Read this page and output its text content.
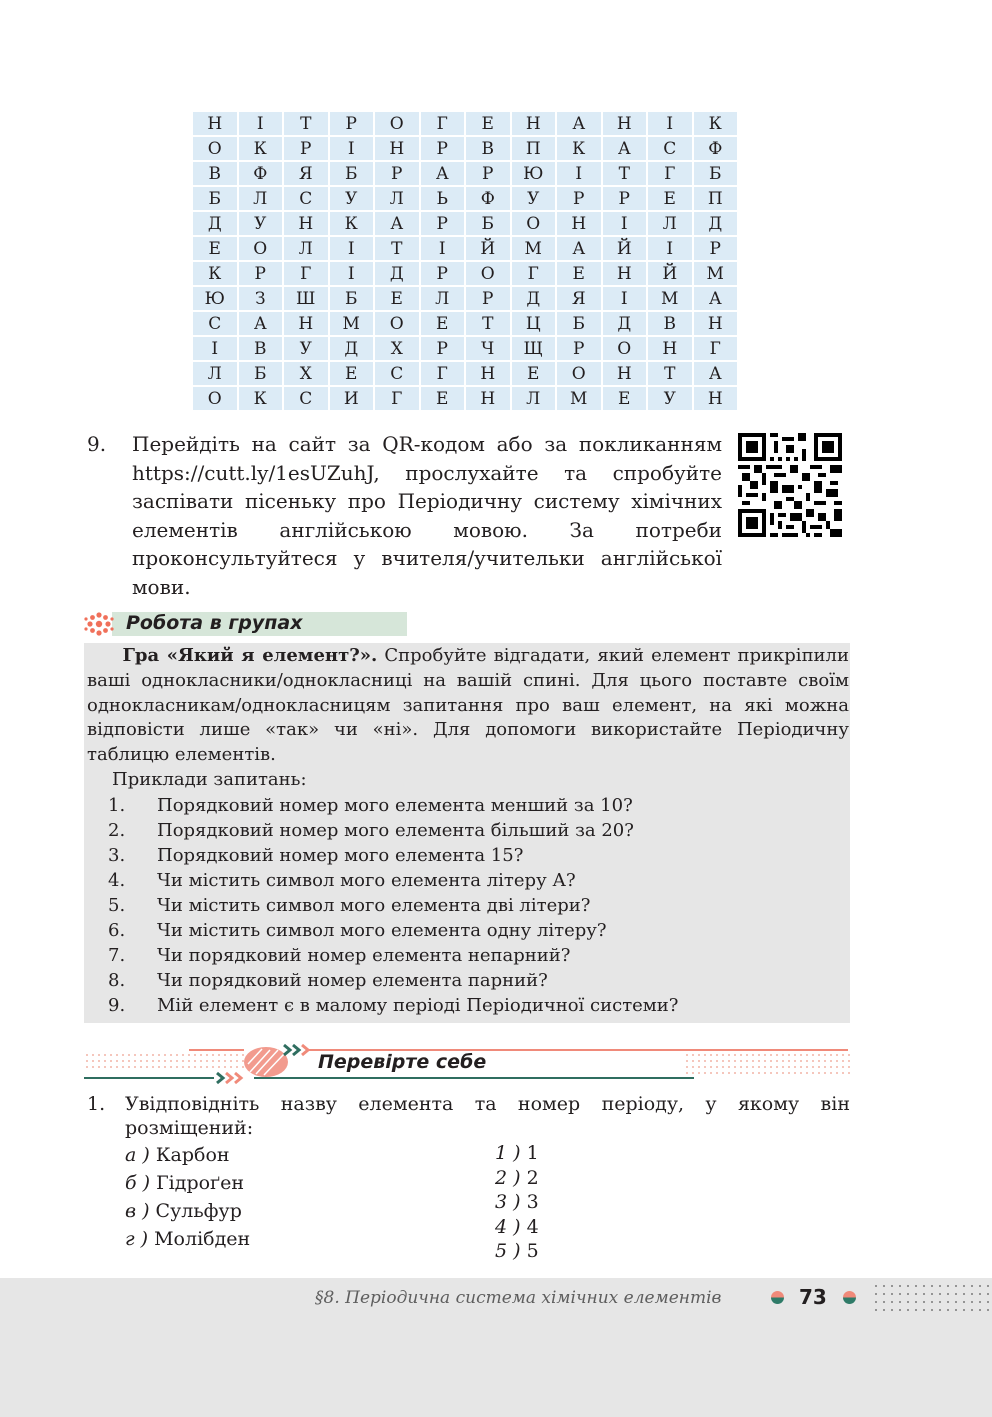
Н	І	Т	Р	О	Г	Е	Н	А	Н	І	К
О	К	Р	І	Н	Р	В	П	К	А	С	Ф
В	Ф	Я	Б	Р	А	Р	Ю	І	Т	Г	Б
Б	Л	С	У	Л	Ь	Ф	У	Р	Р	Е	П
Д	У	Н	К	А	Р	Б	О	Н	І	Л	Д
Е	О	Л	І	Т	І	Й	М	А	Й	І	Р
К	Р	Г	І	Д	Р	О	Г	Е	Н	Й	М
Ю	З	Ш	Б	Е	Л	Р	Д	Я	І	М	А
С	А	Н	М	О	Е	Т	Ц	Б	Д	В	Н
І	В	У	Д	Х	Р	Ч	Щ	Р	О	Н	Г
Л	Б	Х	Е	С	Г	Н	Е	О	Н	Т	А
О	К	С	И	Г	Е	Н	Л	М	Е	У	Н
9. Перейдіть на сайт за QR-кодом або за покликанням https://cutt.ly/1esUZuhJ, прослухайте та спробуйте заспівати пісеньку про Періодичну систему хімічних елементів англійською мовою. За потреби проконсультуйтеся у вчителя/учительки англійської мови.
Робота в групах
Гра «Який я елемент?». Спробуйте відгадати, який елемент прикріпили ваші однокласники/однокласниці на вашій спині. Для цього поставте своїм однокласникам/однокласницям запитання про ваш елемент, на які можна відповісти лише «так» чи «ні». Для допомоги використайте Періодичну таблицю елементів.
Приклади запитань:
1. Порядковий номер мого елемента менший за 10?
2. Порядковий номер мого елемента більший за 20?
3. Порядковий номер мого елемента 15?
4. Чи містить символ мого елемента літеру А?
5. Чи містить символ мого елемента дві літери?
6. Чи містить символ мого елемента одну літеру?
7. Чи порядковий номер елемента непарний?
8. Чи порядковий номер елемента парний?
9. Мій елемент є в малому періоді Періодичної системи?
Перевірте себе
1. Увідповідніть назву елемента та номер періоду, у якому він розміщений:
а ) Карбон
б ) Гідроґен
в ) Сульфур
г ) Молібден
1 ) 1
2 ) 2
3 ) 3
4 ) 4
5 ) 5
§8. Періодична система хімічних елементів	73
